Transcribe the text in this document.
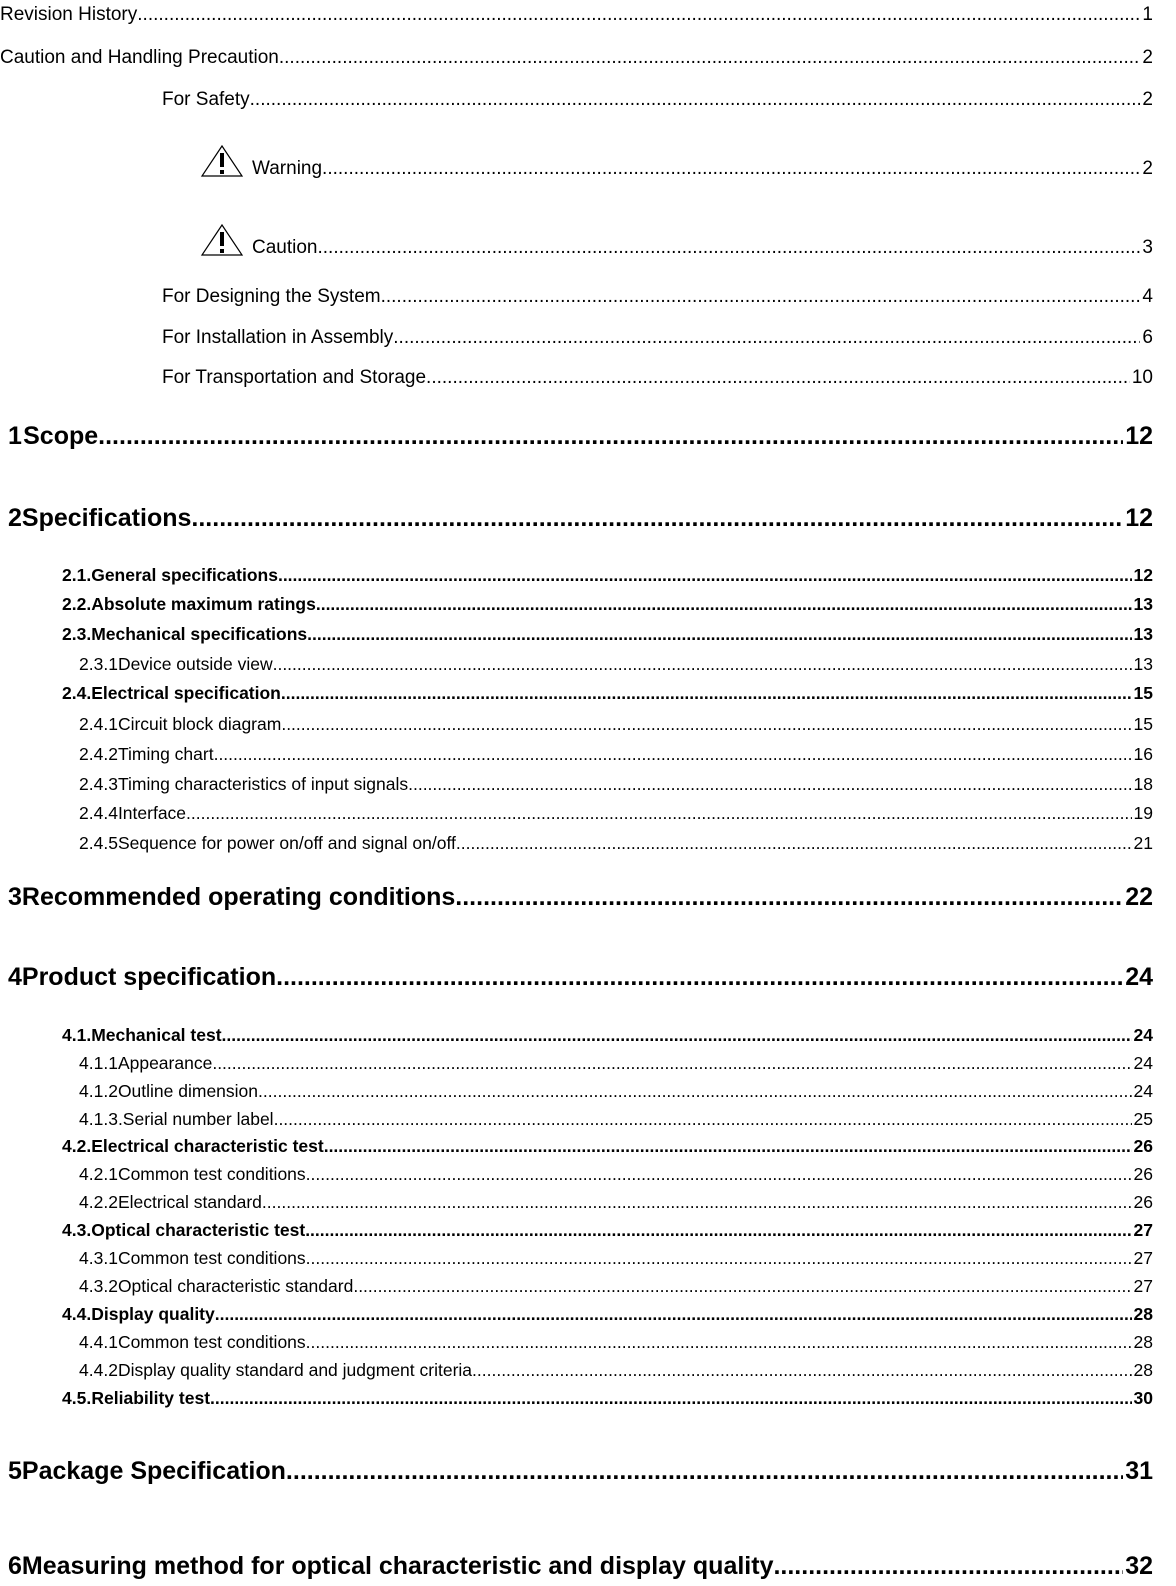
Revision History .....	1
Caution and Handling Precaution .....	2
For Safety .....	2
Warning .....	2
Caution .....	3
For Designing the System .....	4
For Installation in Assembly .....	6
For Transportation and Storage .....	10
1 Scope .....	12
2 Specifications .....	12
2.1. General specifications .....	12
2.2. Absolute maximum ratings .....	13
2.3. Mechanical specifications .....	13
2.3.1 Device outside view .....	13
2.4. Electrical specification .....	15
2.4.1 Circuit block diagram .....	15
2.4.2 Timing chart .....	16
2.4.3 Timing characteristics of input signals .....	18
2.4.4 Interface .....	19
2.4.5 Sequence for power on/off and signal on/off .....	21
3 Recommended operating conditions .....	22
4 Product specification .....	24
4.1. Mechanical test .....	24
4.1.1 Appearance .....	24
4.1.2 Outline dimension .....	24
4.1.3 .Serial number label .....	25
4.2. Electrical characteristic test .....	26
4.2.1 Common test conditions .....	26
4.2.2 Electrical standard .....	26
4.3. Optical characteristic test .....	27
4.3.1 Common test conditions .....	27
4.3.2 Optical characteristic standard .....	27
4.4. Display quality .....	28
4.4.1 Common test conditions .....	28
4.4.2 Display quality standard and judgment criteria .....	28
4.5. Reliability test .....	30
5 Package Specification .....	31
6 Measuring method for optical characteristic and display quality .....	32
